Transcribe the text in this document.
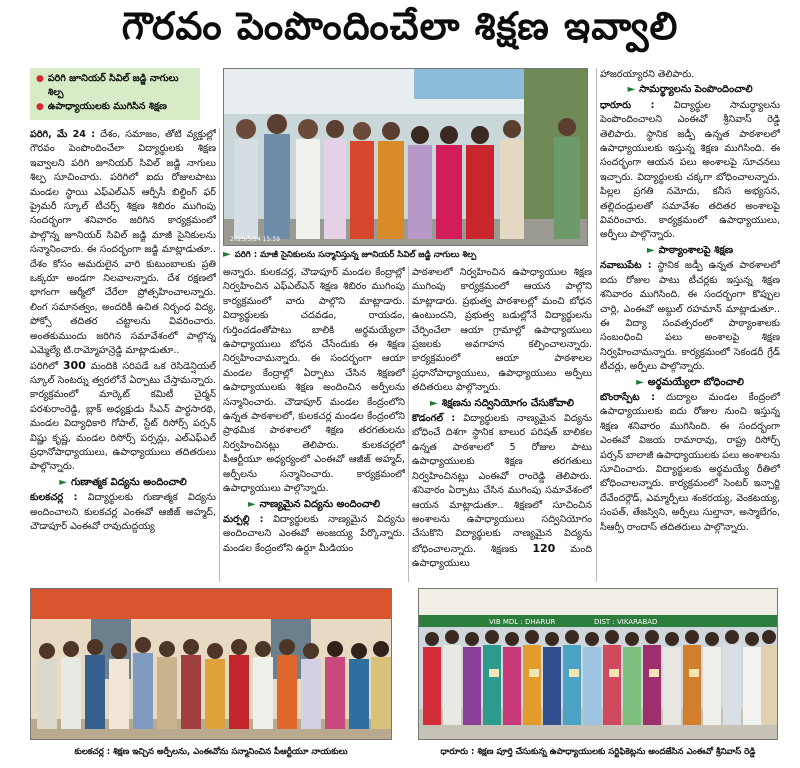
గౌరవం పెంపొందించేలా శిక్షణ ఇవ్వాలి
● పరిగి జూనియర్ సివిల్ జడ్జి నాగులు శిల్ప
● ఉపాధ్యాయులకు ముగిసిన శిక్షణ
2025/5/24 15:59
► పరిగి : మాజీ సైనికులను సన్మానిస్తున్న జూనియర్ సివిల్ జడ్జి నాగులు శిల్ప

పరిగి, మే 24 : దేశం, సమాజం, తోటి వ్యక్తుల్లో గౌరవం పెంపొందించేలా విద్యార్థులకు శిక్షణ ఇవ్వాలని పరిగి జూనియర్ సివిల్ జడ్జి నాగులు శిల్ప సూచించారు. పరిగిలో ఐదు రోజులపాటు మండల స్థాయి ఎఫ్ఎల్ఎన్ ఆర్పీసీ బిల్డింగ్ ఫర్ ప్రైమరీ స్కూల్ టీచర్స్ శిక్షణ శిబిరం ముగింపు సందర్భంగా శనివారం జరిగిన కార్యక్రమంలో పాల్గొన్న జూనియర్ సివిల్ జడ్జి మాజీ సైనికులను సన్మానించారు. ఈ సందర్భంగా జడ్జి మాట్లాడుతూ.. దేశం కోసం అమరులైన వారి కుటుంబాలకు ప్రతి ఒక్కరూ అండగా నిలవాలన్నారు. దేశ రక్షణలో భాగంగా ఆర్మీలో చేరేలా ప్రోత్సహించాలన్నారు. లింగ సమానత్వం, అందరికీ ఉచిత నిర్బంధ విద్య, పోక్సో తదితర చట్టాలను వివరించారు. అంతకుముందు జరిగిన సమావేశంలో పాల్గొన్న ఎమ్మెల్యే టి.రామ్మోహన్రెడ్డి మాట్లాడుతూ..

పరిగిలో 300 మందికి సరిపడే ఒక రెసిడెన్షియల్ స్కూల్ సెంటర్ను త్వరలోనే ఏర్పాటు చేస్తామన్నారు. కార్యక్రమంలో మార్కెట్ కమిటీ చైర్మన్ పరశురాంరెడ్డి, బ్లాక్ అధ్యక్షుడు సీఎన్ పార్థసారథి, మండల విద్యాధికారి గోపాల్, స్టేట్ రిసోర్స్ పర్సన్ విష్ణు కృష్ణ, మండల రిసోర్స్ పర్సన్లు, ఎల్ఎఫ్ఎల్ ప్రధానోపాధ్యాయులు, ఉపాధ్యాయులు తదితరులు పాల్గొన్నారు.

► గుణాత్మక విద్యను అందించాలి

కులకచర్ల : విద్యార్థులకు గుణాత్మక విద్యను అందించాలని కులకచర్ల ఎంఈవో ఆజీజ్ అహ్మద్, చౌడాపూర్ ఎంఈవో రావుదుద్దయ్య

అన్నారు. కులకచర్ల, చౌడాపూర్ మండల కేంద్రాల్లో నిర్వహించిన ఎఫ్ఎల్ఎన్ శిక్షణ శిబిరం ముగింపు కార్యక్రమంలో వారు పాల్గొని మాట్లాడారు. విద్యార్థులకు చదవడం, రాయడం, గుర్తించడంతోపాటు బాలికి అర్థమయ్యేలా ఉపాధ్యాయులు బోధన చేసేందుకు ఈ శిక్షణ నిర్వహించామన్నారు. ఈ సందర్భంగా ఆయా మండల కేంద్రాల్లో ఏర్పాటు చేసిన శిక్షణలో ఉపాధ్యాయులకు శిక్షణ అందించిన అర్పీలను సన్మానించారు. చౌడాపూర్ మండల కేంద్రంలోని ఉన్నత పాఠశాలలో, కులకచర్ల మండల కేంద్రంలోని ప్రాథమిక పాఠశాలలో శిక్షణ తరగతులను నిర్వహించినట్లు తెలిపారు. కులకచర్లలో పీఆర్టీయూ అధ్యర్యంలో ఎంఈవో ఆజీజ్ అహ్మద్, అర్పీలను సన్మానించారు. కార్యక్రమంలో ఉపాధ్యాయులు పాల్గొన్నారు.

► నాణ్యమైన విద్యను అందించాలి

మర్పల్లి : విద్యార్థులకు నాణ్యమైన విద్యను అందించాలని ఎంఈవో అంజయ్య పేర్కొన్నారు. మండల కేంద్రంలోని ఉర్దూ మీడియం

పాఠశాలలో నిర్వహించిన ఉపాధ్యాయుల శిక్షణ ముగింపు కార్యక్రమంలో ఆయన పాల్గొని మాట్లాడారు. ప్రభుత్వ పాఠశాలల్లో మంచి బోధన ఉంటుందని, ప్రభుత్వ బడుల్లోనే విద్యార్థులను చేర్పించేలా ఆయా గ్రామాల్లో ఉపాధ్యాయులు ప్రజలకు అవగాహన కల్పించాలన్నారు. కార్యక్రమంలో ఆయా పాఠశాలల ప్రధానోపాధ్యాయులు, ఉపాధ్యాయులు అర్పీలు తదితరులు పాల్గొన్నారు.

► శిక్షణను సద్వినియోగం చేసుకోవాలి

కొడంగల్ : విద్యార్థులకు నాణ్యమైన విద్యను బోధించే దిశగా స్థానిక బాలుర పరిషత్ బాలికల ఉన్నత పాఠశాలలో 5 రోజుల పాటు ఉపాధ్యాయులకు శిక్షణ తరగతులు నిర్వహించినట్లు ఎంఈవో రాంరెడ్డి తెలిపారు. శనివారం ఏర్పాటు చేసిన ముగింపు సమావేశంలో ఆయన మాట్లాడుతూ.. శిక్షణలో సూచించిన అంశాలను ఉపాధ్యాయులు సద్వినియోగం చేసుకొని విద్యార్థులకు నాణ్యమైన విద్యను బోధించాలన్నారు. శిక్షణకు 120 మంది ఉపాధ్యాయులు

హాజరయ్యారని తెలిపారు.

► సామర్థ్యాలను పెంపొందించాలి

ధారూరు : విద్యార్థుల సామర్థ్యాలను పెంపొందించాలని ఎంఈవో శ్రీనివాస్ రెడ్డి తెలిపారు. స్థానిక జడ్పీ ఉన్నత పాఠశాలలో ఉపాధ్యాయులకు ఇస్తున్న శిక్షణ ముగిసింది. ఈ సందర్భంగా ఆయన పలు అంశాలపై సూచనలు ఇచ్చారు. విద్యార్థులకు చక్కగా బోధించాలన్నారు. పిల్లల ప్రగతి నమోదు, కనీస అభ్యసన, తల్లిదండ్రులతో సమావేశం తదితర అంశాలపై వివరించారు. కార్యక్రమంలో ఉపాధ్యాయులు, అర్పీలు పాల్గొన్నారు.

► పాఠ్యాంశాలపై శిక్షణ

నవాబుపేట : స్థానిక జడ్పీ ఉన్నత పాఠశాలలో ఐదు రోజుల పాటు టీచర్లకు ఇస్తున్న శిక్షణ శనివారం ముగిసింది. ఈ సందర్భంగా కొప్పుల చార్లి, ఎంఈవో అబ్దుల్ రహమాన్ మాట్లాడుతూ.. ఈ విద్యా సంవత్సరంలో పాఠ్యాంశాలకు సంబంధించి పలు అంశాలపై శిక్షణ నిర్వహించామన్నారు. కార్యక్రమంలో సెకండరీ గ్రేడ్ టీచర్లు, అర్పీలు పాల్గొన్నారు.

► అర్థమయ్యేలా బోధించాలి

బొంరాస్పేట : దుద్యాల మండల కేంద్రంలో ఉపాధ్యాయులకు ఐదు రోజుల నుంచి ఇస్తున్న శిక్షణ శనివారం ముగిసింది. ఈ సందర్భంగా ఎంఈవో విజయ రామారావు, రాష్ట్ర రిసోర్స్ పర్సన్ బాలాజీ ఉపాధ్యాయులకు పలు అంశాలను సూచించారు. విద్యార్థులకు అర్థమయ్యే రీతిలో బోధించాలన్నారు. కార్యక్రమంలో సెంటర్ ఇన్చార్జి దేవేందర్గౌడ్, ఎమ్మార్పీలు శంకరయ్య, వెంకటయ్య, సంపత్, తేజస్విని, అర్పీలు సుల్తానా, అస్మాబేగం, సీఆర్పీ రాందాస్ తదితరులు పాల్గొన్నారు.

కులకచర్ల : శిక్షణ ఇచ్చిన అర్పీలను, ఎంఈవోను సన్మానించిన పీఆర్టీయూ నాయకులు
VIB MDL : DHARUR	DIST : VIKARABAD
ధారూరు : శిక్షణ పూర్తి చేసుకున్న ఉపాధ్యాయులకు సర్టిఫికెట్లను అందజేసిన ఎంఈవో శ్రీనివాస్ రెడ్డి
